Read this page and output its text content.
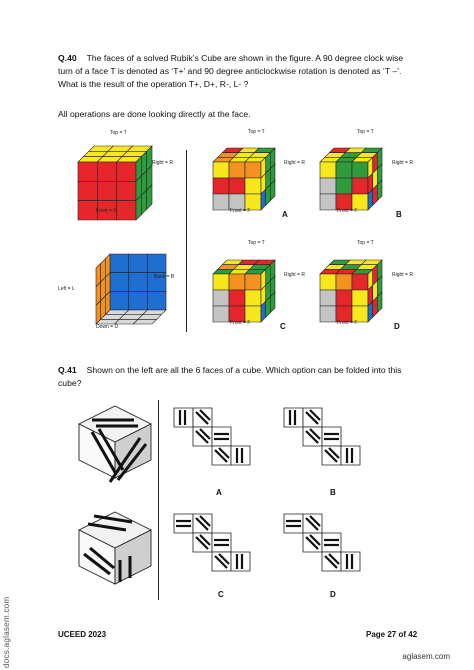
Q.40 The faces of a solved Rubik’s Cube are shown in the figure. A 90 degree clock wise
turn of a face T is denoted as ‘T+’ and 90 degree anticlockwise rotation is denoted as ‘T –’.
What is the result of the operation T+, D+, R-, L- ?
All operations are done looking directly at the face.
Top = T
Right = R
Front = F
Left = L
Back = B
Down = D
Top = T
Right = R
Front = F
Top = T
Right = R
Front = F
Top = T
Right = R
Front = F
Top = T
Right = R
Front = F
A	B
C	D
Q.41 Shown on the left are all the 6 faces of a cube. Which option can be folded into this
cube?
A	B
C	D
docs.aglasem.com	UCEED 2023	Page 27 of 42
aglasem.com
